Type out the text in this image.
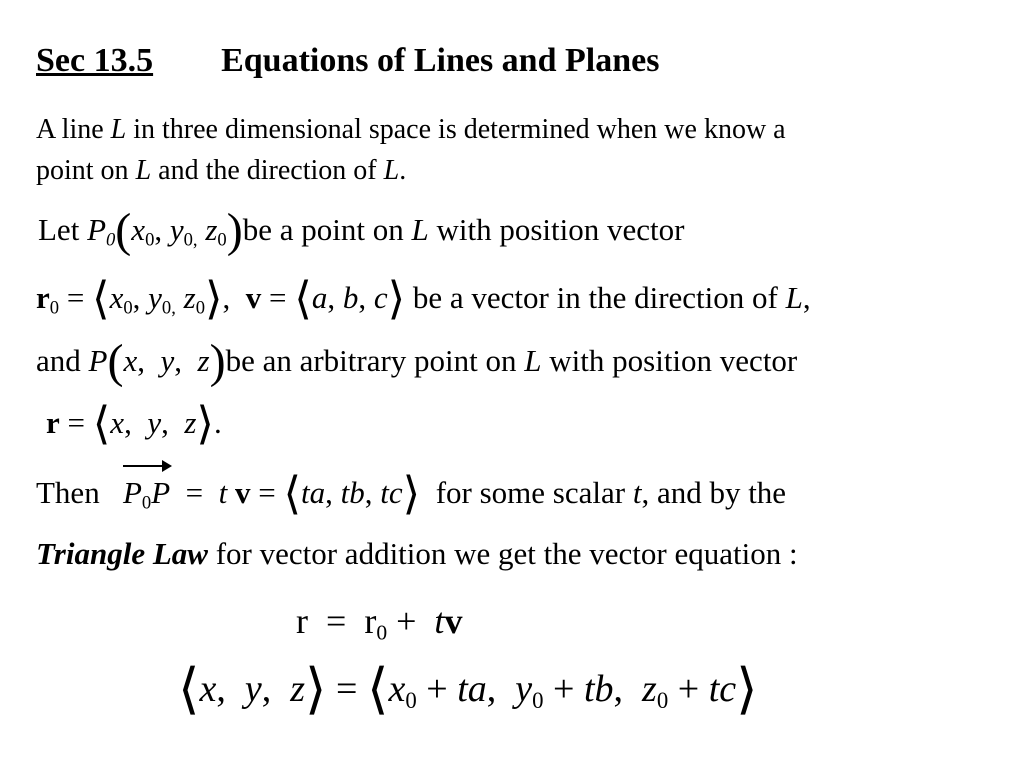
Sec 13.5 Equations of Lines and Planes
A line L in three dimensional space is determined when we know a
point on L and the direction of L.
Let $P_0(x_0$, $y_{0,}$ $z_0)be$ a point on L with position vector
$r_0$ = $⟨x_0$, $y_{0,}$ $z_0⟩$,  v = ⟨a, b, c⟩ be a vector in the direction of L,
and P(x,  y,  z)be an arbitrary point on L with position vector
r = ⟨x,  y,  z⟩.
Then $P_0P = t$ v = ⟨ta, tb, tc⟩ for some scalar t, and by the
Triangle Law for vector addition we get the vector equation :
$r = r_0$ +  tv
⟨x,  y,  z⟩ = $⟨x_0$ + ta,  $y_0$ + tb,  $z_0$ + tc⟩
